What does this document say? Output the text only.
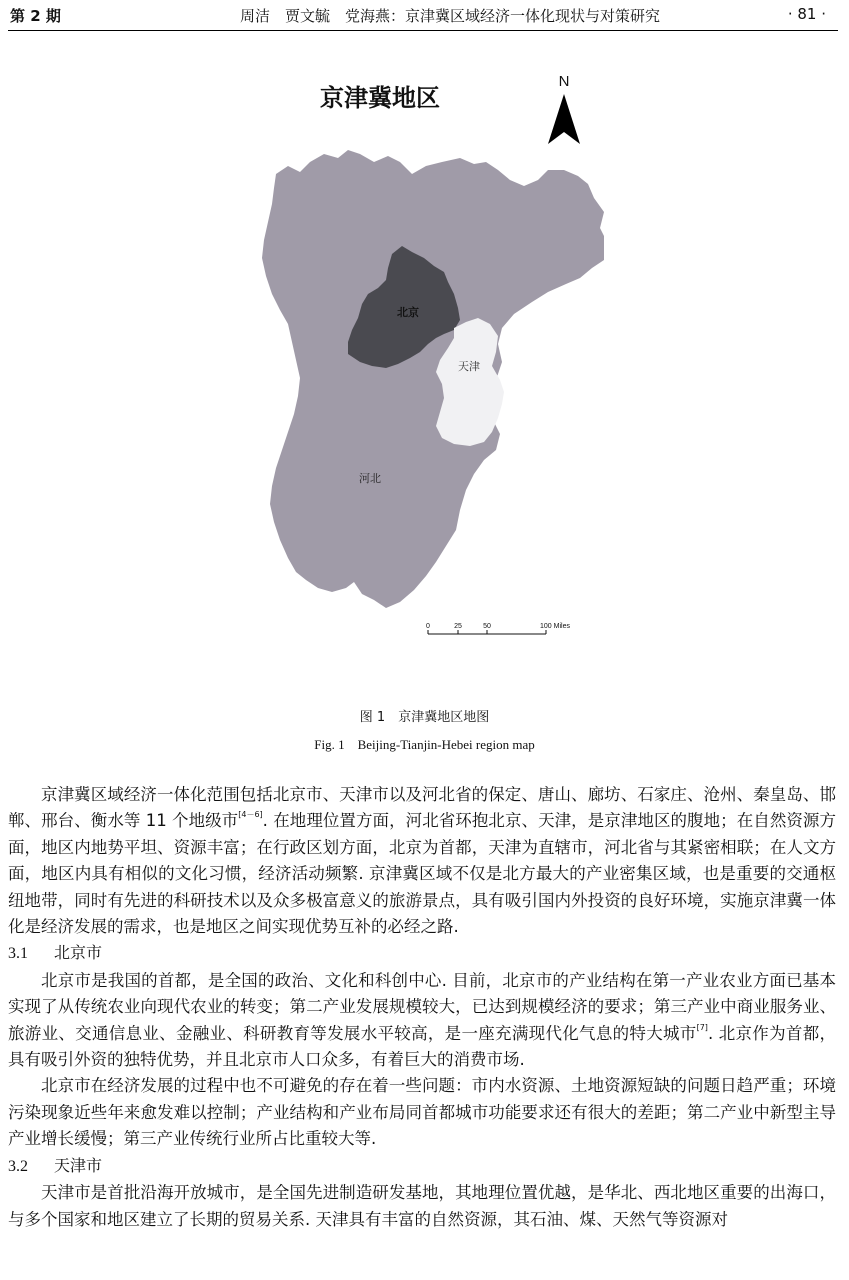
第 2 期	周洁　贾文毓　党海燕：京津冀区域经济一体化现状与对策研究	· 81 ·
京津冀地区
N
北京
天津
河北
0	25	50	100 Miles
图 1　京津冀地区地图
Fig. 1　Beijing-Tianjin-Hebei region map

京津冀区域经济一体化范围包括北京市、天津市以及河北省的保定、唐山、廊坊、石家庄、沧州、秦皇岛、邯郸、邢台、衡水等 11 个地级市[4－6]. 在地理位置方面，河北省环抱北京、天津，是京津地区的腹地；在自然资源方面，地区内地势平坦、资源丰富；在行政区划方面，北京为首都，天津为直辖市，河北省与其紧密相联；在人文方面，地区内具有相似的文化习惯，经济活动频繁. 京津冀区域不仅是北方最大的产业密集区域，也是重要的交通枢纽地带，同时有先进的科研技术以及众多极富意义的旅游景点，具有吸引国内外投资的良好环境，实施京津冀一体化是经济发展的需求，也是地区之间实现优势互补的必经之路.

3.1 北京市

北京市是我国的首都，是全国的政治、文化和科创中心. 目前，北京市的产业结构在第一产业农业方面已基本实现了从传统农业向现代农业的转变；第二产业发展规模较大，已达到规模经济的要求；第三产业中商业服务业、旅游业、交通信息业、金融业、科研教育等发展水平较高，是一座充满现代化气息的特大城市[7]. 北京作为首都，具有吸引外资的独特优势，并且北京市人口众多，有着巨大的消费市场.

北京市在经济发展的过程中也不可避免的存在着一些问题：市内水资源、土地资源短缺的问题日趋严重；环境污染现象近些年来愈发难以控制；产业结构和产业布局同首都城市功能要求还有很大的差距；第二产业中新型主导产业增长缓慢；第三产业传统行业所占比重较大等.

3.2 天津市

天津市是首批沿海开放城市，是全国先进制造研发基地，其地理位置优越，是华北、西北地区重要的出海口，与多个国家和地区建立了长期的贸易关系. 天津具有丰富的自然资源，其石油、煤、天然气等资源对
